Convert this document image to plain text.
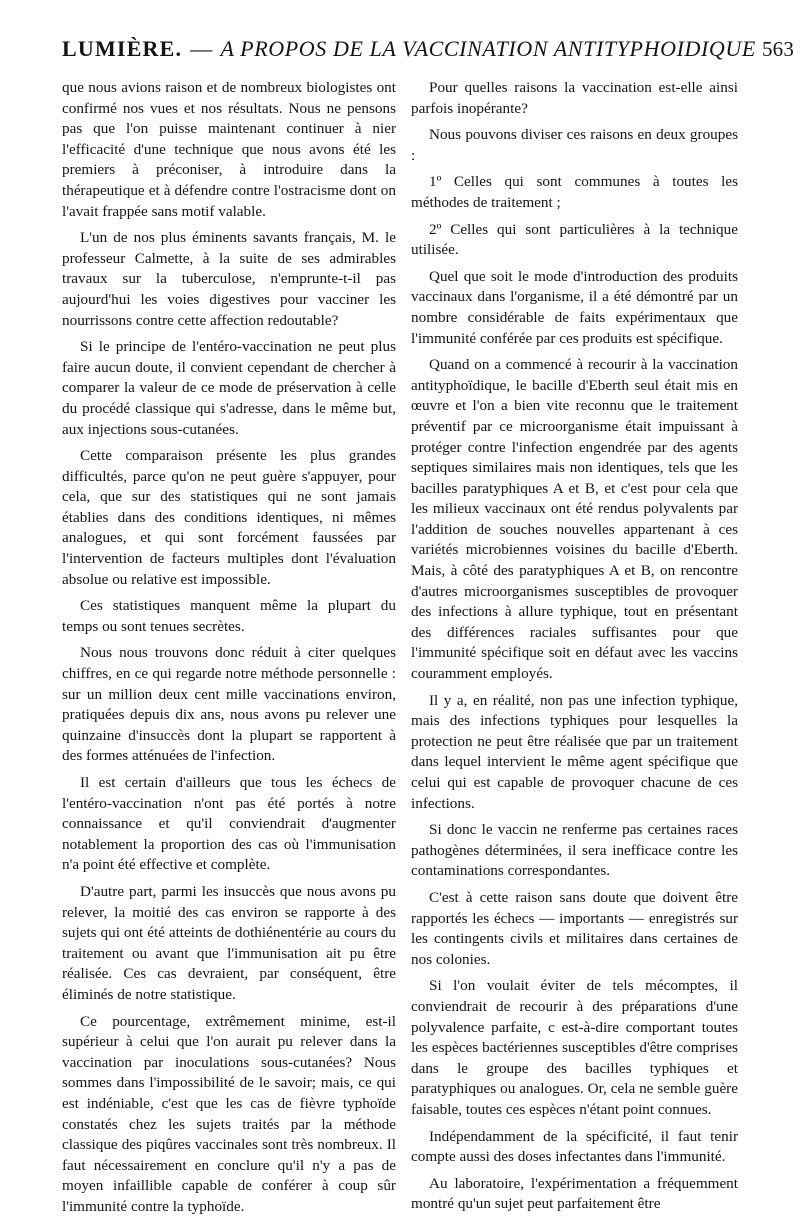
LUMIÈRE. — A PROPOS DE LA VACCINATION ANTITYPHOIDIQUE 563

que nous avions raison et de nombreux biologistes ont confirmé nos vues et nos résultats. Nous ne pensons pas que l'on puisse maintenant continuer à nier l'efficacité d'une technique que nous avons été les premiers à préconiser, à introduire dans la thérapeutique et à défendre contre l'ostracisme dont on l'avait frappée sans motif valable.

L'un de nos plus éminents savants français, M. le professeur Calmette, à la suite de ses admirables travaux sur la tuberculose, n'emprunte-t-il pas aujourd'hui les voies digestives pour vacciner les nourrissons contre cette affection redoutable?

Si le principe de l'entéro-vaccination ne peut plus faire aucun doute, il convient cependant de chercher à comparer la valeur de ce mode de préservation à celle du procédé classique qui s'adresse, dans le même but, aux injections sous-cutanées.

Cette comparaison présente les plus grandes difficultés, parce qu'on ne peut guère s'appuyer, pour cela, que sur des statistiques qui ne sont jamais établies dans des conditions identiques, ni mêmes analogues, et qui sont forcément faussées par l'intervention de facteurs multiples dont l'évaluation absolue ou relative est impossible.

Ces statistiques manquent même la plupart du temps ou sont tenues secrètes.

Nous nous trouvons donc réduit à citer quelques chiffres, en ce qui regarde notre méthode personnelle : sur un million deux cent mille vaccinations environ, pratiquées depuis dix ans, nous avons pu relever une quinzaine d'insuccès dont la plupart se rapportent à des formes atténuées de l'infection.

Il est certain d'ailleurs que tous les échecs de l'entéro-vaccination n'ont pas été portés à notre connaissance et qu'il conviendrait d'augmenter notablement la proportion des cas où l'immunisation n'a point été effective et complète.

D'autre part, parmi les insuccès que nous avons pu relever, la moitié des cas environ se rapporte à des sujets qui ont été atteints de dothiénentérie au cours du traitement ou avant que l'immunisation ait pu être réalisée. Ces cas devraient, par conséquent, être éliminés de notre statistique.

Ce pourcentage, extrêmement minime, est-il supérieur à celui que l'on aurait pu relever dans la vaccination par inoculations sous-cutanées? Nous sommes dans l'impossibilité de le savoir; mais, ce qui est indéniable, c'est que les cas de fièvre typhoïde constatés chez les sujets traités par la méthode classique des piqûres vaccinales sont très nombreux. Il faut nécessairement en conclure qu'il n'y a pas de moyen infaillible capable de conférer à coup sûr l'immunité contre la typhoïde.

Pour quelles raisons la vaccination est-elle ainsi parfois inopérante?

Nous pouvons diviser ces raisons en deux groupes :

1º Celles qui sont communes à toutes les méthodes de traitement ;

2º Celles qui sont particulières à la technique utilisée.

Quel que soit le mode d'introduction des produits vaccinaux dans l'organisme, il a été démontré par un nombre considérable de faits expérimentaux que l'immunité conférée par ces produits est spécifique.

Quand on a commencé à recourir à la vaccination antityphoïdique, le bacille d'Eberth seul était mis en œuvre et l'on a bien vite reconnu que le traitement préventif par ce microorganisme était impuissant à protéger contre l'infection engendrée par des agents septiques similaires mais non identiques, tels que les bacilles paratyphiques A et B, et c'est pour cela que les milieux vaccinaux ont été rendus polyvalents par l'addition de souches nouvelles appartenant à ces variétés microbiennes voisines du bacille d'Eberth. Mais, à côté des paratyphiques A et B, on rencontre d'autres microorganismes susceptibles de provoquer des infections à allure typhique, tout en présentant des différences raciales suffisantes pour que l'immunité spécifique soit en défaut avec les vaccins couramment employés.

Il y a, en réalité, non pas une infection typhique, mais des infections typhiques pour lesquelles la protection ne peut être réalisée que par un traitement dans lequel intervient le même agent spécifique que celui qui est capable de provoquer chacune de ces infections.

Si donc le vaccin ne renferme pas certaines races pathogènes déterminées, il sera inefficace contre les contaminations correspondantes.

C'est à cette raison sans doute que doivent être rapportés les échecs — importants — enregistrés sur les contingents civils et militaires dans certaines de nos colonies.

Si l'on voulait éviter de tels mécomptes, il conviendrait de recourir à des préparations d'une polyvalence parfaite, c est-à-dire comportant toutes les espèces bactériennes susceptibles d'être comprises dans le groupe des bacilles typhiques et paratyphiques ou analogues. Or, cela ne semble guère faisable, toutes ces espèces n'étant point connues.

Indépendamment de la spécificité, il faut tenir compte aussi des doses infectantes dans l'immunité.

Au laboratoire, l'expérimentation a fréquemment montré qu'un sujet peut parfaitement être
